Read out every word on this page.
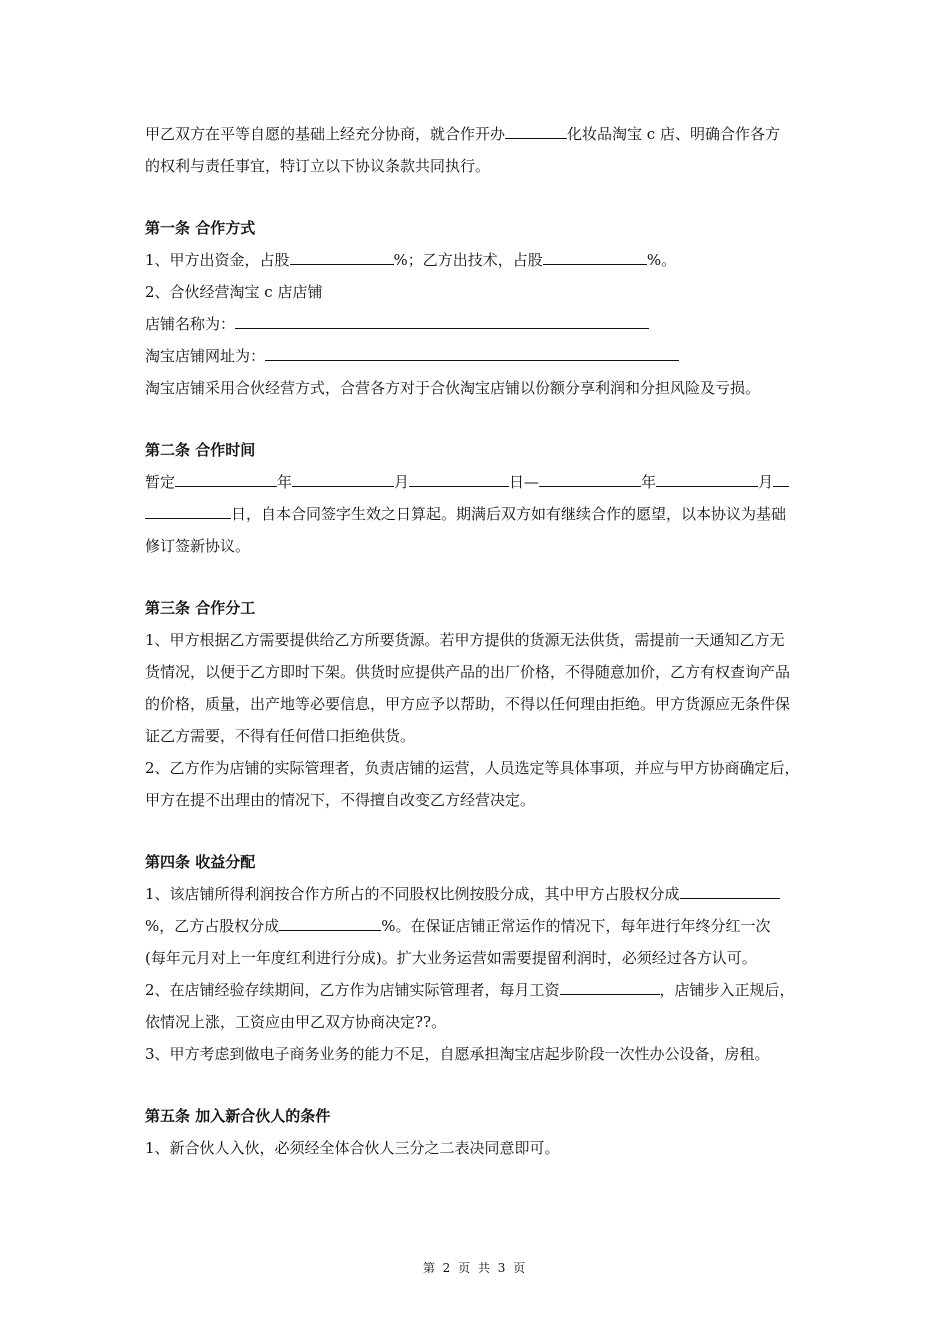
甲乙双方在平等自愿的基础上经充分协商，就合作开办	化妆品淘宝 c 店、明确合作各方
的权利与责任事宜，特订立以下协议条款共同执行。
第一条 合作方式
1、甲方出资金，占股	%；乙方出技术，占股	%。
2、合伙经营淘宝 c 店店铺
店铺名称为：
淘宝店铺网址为：
淘宝店铺采用合伙经营方式，合营各方对于合伙淘宝店铺以份额分享利润和分担风险及亏损。
第二条 合作时间
暂定	年	月	日—	年	月
日，自本合同签字生效之日算起。期满后双方如有继续合作的愿望，以本协议为基础
修订签新协议。
第三条 合作分工
1、甲方根据乙方需要提供给乙方所要货源。若甲方提供的货源无法供货，需提前一天通知乙方无
货情况，以便于乙方即时下架。供货时应提供产品的出厂价格，不得随意加价，乙方有权查询产品
的价格，质量，出产地等必要信息，甲方应予以帮助，不得以任何理由拒绝。甲方货源应无条件保
证乙方需要，不得有任何借口拒绝供货。
2、乙方作为店铺的实际管理者，负责店铺的运营，人员选定等具体事项，并应与甲方协商确定后，
甲方在提不出理由的情况下，不得擅自改变乙方经营决定。
第四条 收益分配
1、该店铺所得利润按合作方所占的不同股权比例按股分成，其中甲方占股权分成
%，乙方占股权分成	%。在保证店铺正常运作的情况下，每年进行年终分红一次
(每年元月对上一年度红利进行分成)。扩大业务运营如需要提留利润时，必须经过各方认可。
2、在店铺经验存续期间，乙方作为店铺实际管理者，每月工资	，店铺步入正规后，
依情况上涨，工资应由甲乙双方协商决定??。
3、甲方考虑到做电子商务业务的能力不足，自愿承担淘宝店起步阶段一次性办公设备，房租。
第五条 加入新合伙人的条件
1、新合伙人入伙，必须经全体合伙人三分之二表决同意即可。
第 2 页 共 3 页
